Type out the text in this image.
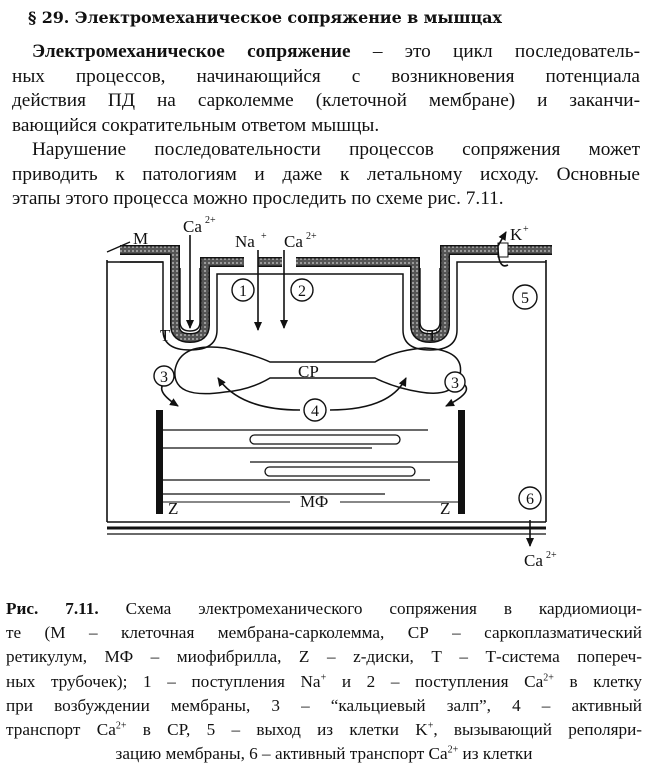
§ 29. Электромеханическое сопряжение в мышцах
Электромеханическое сопряжение – это цикл последователь-
ных процессов, начинающийся с возникновения потенциала
действия ПД на сарколемме (клеточной мембране) и заканчи-
вающийся сократительным ответом мышцы.
Нарушение последовательности процессов сопряжения может
приводить к патологиям и даже к летальному исходу. Основные
этапы этого процесса можно проследить по схеме рис. 7.11.
1	2
3	3
4
5
6
М
Ca 2+
Na + Ca 2+	K +
T	T
СР
МФ
Z	Z
Ca 2+
Рис. 7.11. Схема электромеханического сопряжения в кардиомиоци-
те (М – клеточная мембрана-сарколемма, СР – саркоплазматический
ретикулум, МФ – миофибрилла, Z – z-диски, Т – Т-система попереч-
ных трубочек); 1 – поступления Na+ и 2 – поступления $Ca^{2+}$ в клетку
при возбуждении мембраны, 3 – “кальциевый залп”, 4 – активный
транспорт $Ca^{2+}$ в СР, 5 – выход из клетки K+, вызывающий реполяри-
зацию мембраны, 6 – активный транспорт $Ca^{2+}$ из клетки
